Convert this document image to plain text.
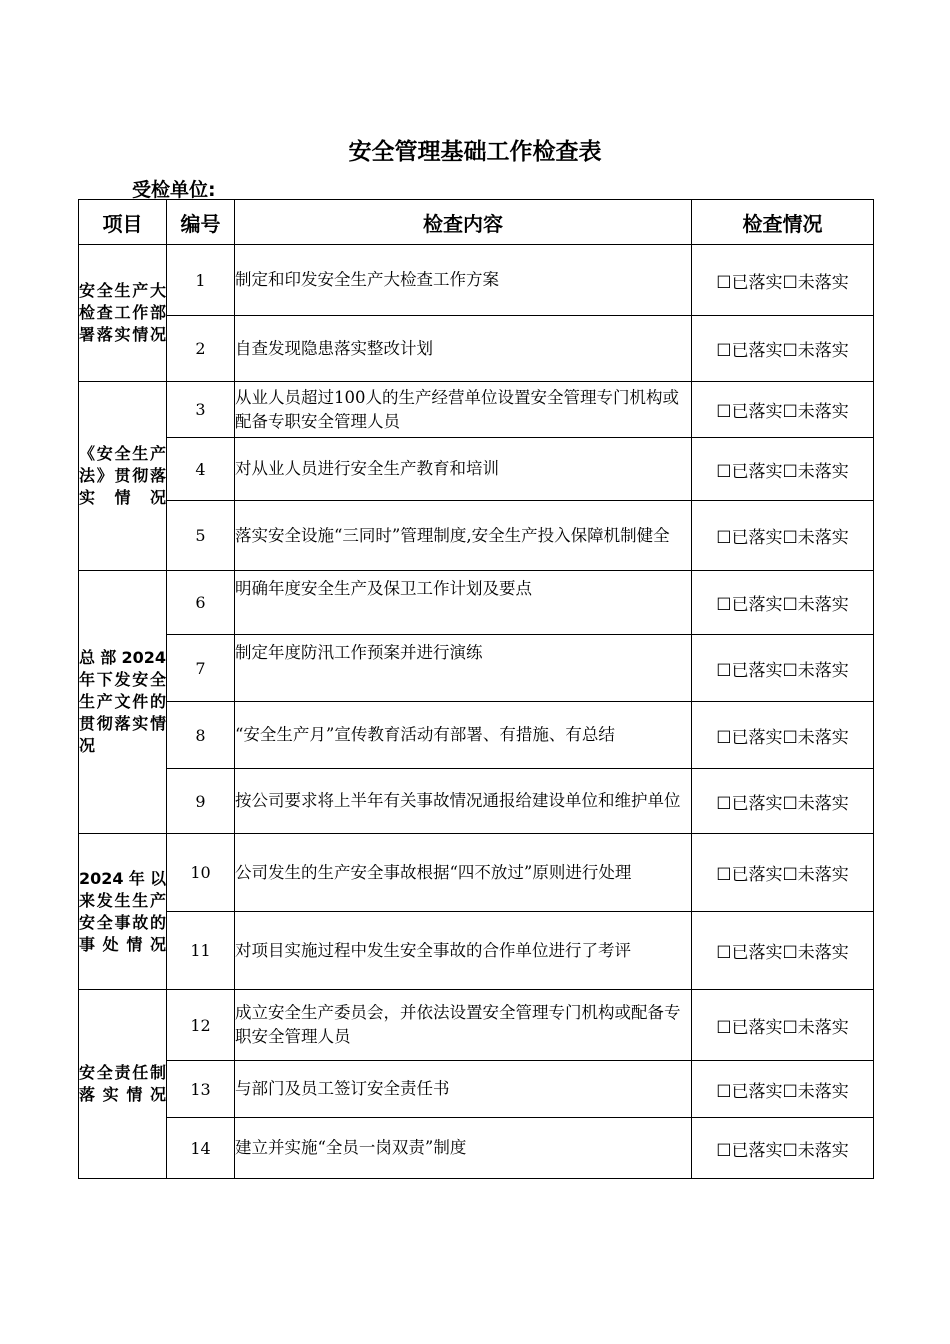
安全管理基础工作检查表
受检单位:
项目	编号	检查内容	检查情况

安全生产大检查工作部署落实情况	1	制定和印发安全生产大检查工作方案	☐已落实☐未落实
	2	自查发现隐患落实整改计划	☐已落实☐未落实

《安全生产法》贯彻落实情况	3	从业人员超过100人的生产经营单位设置安全管理专门机构或配备专职安全管理人员	☐已落实☐未落实
	4	对从业人员进行安全生产教育和培训	☐已落实☐未落实
	5	落实安全设施“三同时”管理制度,安全生产投入保障机制健全	☐已落实☐未落实

总部2024年下发安全生产文件的贯彻落实情况	6	明确年度安全生产及保卫工作计划及要点	☐已落实☐未落实
	7	制定年度防汛工作预案并进行演练	☐已落实☐未落实
	8	“安全生产月”宣传教育活动有部署、有措施、有总结	☐已落实☐未落实
	9	按公司要求将上半年有关事故情况通报给建设单位和维护单位	☐已落实☐未落实

2024年以来发生生产安全事故的事处情况	10	公司发生的生产安全事故根据“四不放过”原则进行处理	☐已落实☐未落实
	11	对项目实施过程中发生安全事故的合作单位进行了考评	☐已落实☐未落实

安全责任制落实情况	12	成立安全生产委员会，并依法设置安全管理专门机构或配备专职安全管理人员	☐已落实☐未落实
	13	与部门及员工签订安全责任书	☐已落实☐未落实
	14	建立并实施“全员一岗双责”制度	☐已落实☐未落实
